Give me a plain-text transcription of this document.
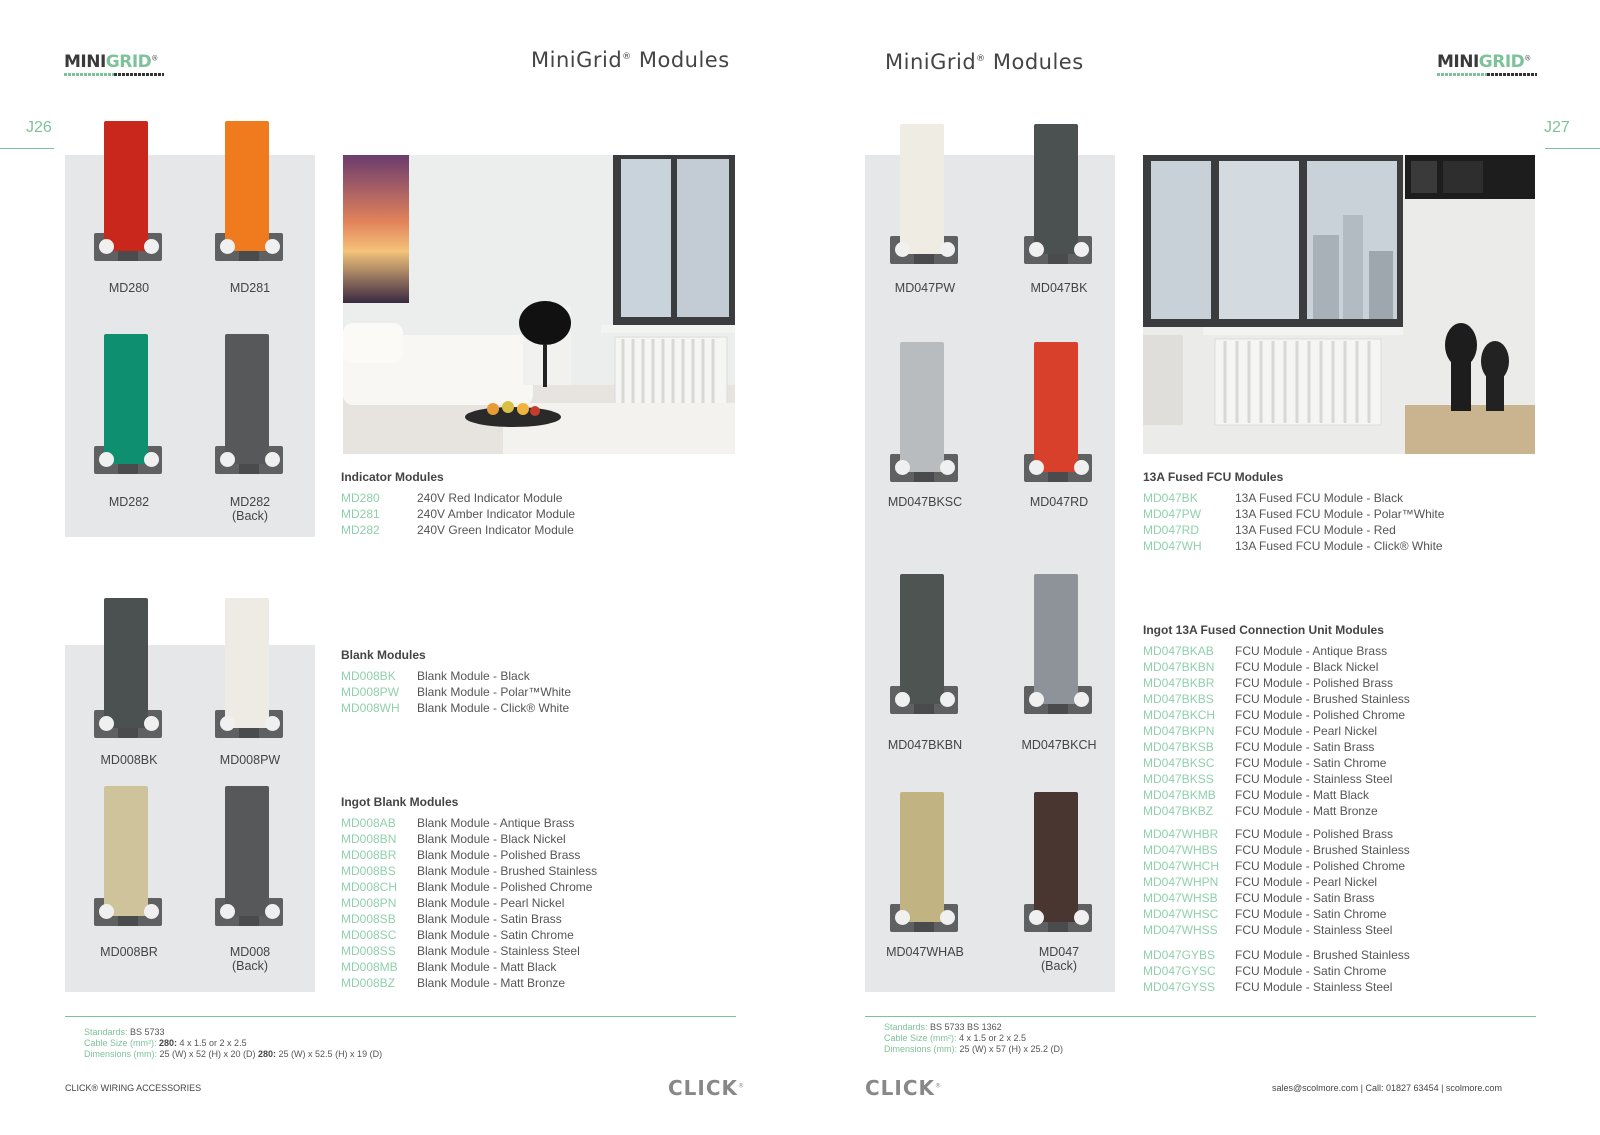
MINIGRID®	MiniGrid® Modules
J26
MD280	MD281
MD282	MD282
(Back)
MD008BK	MD008PW
MD008BR	MD008
(Back)
Indicator Modules
MD280	240V Red Indicator Module
MD281	240V Amber Indicator Module
MD282	240V Green Indicator Module
Blank Modules
MD008BK Blank Module - Black
MD008PW Blank Module - Polar™White
MD008WH Blank Module - Click® White
Ingot Blank Modules
MD008AB Blank Module - Antique Brass
MD008BN Blank Module - Black Nickel
MD008BR Blank Module - Polished Brass
MD008BS Blank Module - Brushed Stainless
MD008CH Blank Module - Polished Chrome
MD008PN Blank Module - Pearl Nickel
MD008SB Blank Module - Satin Brass
MD008SC Blank Module - Satin Chrome
MD008SS Blank Module - Stainless Steel
MD008MB Blank Module - Matt Black
MD008BZ Blank Module - Matt Bronze
Standards: BS 5733
Cable Size (mm²): 280: 4 x 1.5 or 2 x 2.5
Dimensions (mm): 25 (W) x 52 (H) x 20 (D) 280: 25 (W) x 52.5 (H) x 19 (D)
CLICK® WIRING ACCESSORIES	CLICK®
MiniGrid® Modules	MINIGRID®
J27
MD047PW	MD047BK
MD047BKSC	MD047RD
MD047BKBN	MD047BKCH
MD047WHAB	MD047
(Back)
13A Fused FCU Modules
MD047BK	13A Fused FCU Module - Black
MD047PW	13A Fused FCU Module - Polar™White
MD047RD	13A Fused FCU Module - Red
MD047WH	13A Fused FCU Module - Click® White
Ingot 13A Fused Connection Unit Modules
MD047BKAB FCU Module - Antique Brass
MD047BKBN FCU Module - Black Nickel
MD047BKBR FCU Module - Polished Brass
MD047BKBS FCU Module - Brushed Stainless
MD047BKCH FCU Module - Polished Chrome
MD047BKPN FCU Module - Pearl Nickel
MD047BKSB FCU Module - Satin Brass
MD047BKSC FCU Module - Satin Chrome
MD047BKSS FCU Module - Stainless Steel
MD047BKMB FCU Module - Matt Black
MD047BKBZ FCU Module - Matt Bronze
MD047WHBR FCU Module - Polished Brass
MD047WHBS FCU Module - Brushed Stainless
MD047WHCH FCU Module - Polished Chrome
MD047WHPN FCU Module - Pearl Nickel
MD047WHSB FCU Module - Satin Brass
MD047WHSC FCU Module - Satin Chrome
MD047WHSS FCU Module - Stainless Steel
MD047GYBS FCU Module - Brushed Stainless
MD047GYSC FCU Module - Satin Chrome
MD047GYSS FCU Module - Stainless Steel
Standards: BS 5733 BS 1362
Cable Size (mm²): 4 x 1.5 or 2 x 2.5
Dimensions (mm): 25 (W) x 57 (H) x 25.2 (D)
CLICK®	sales@scolmore.com | Call: 01827 63454 | scolmore.com
